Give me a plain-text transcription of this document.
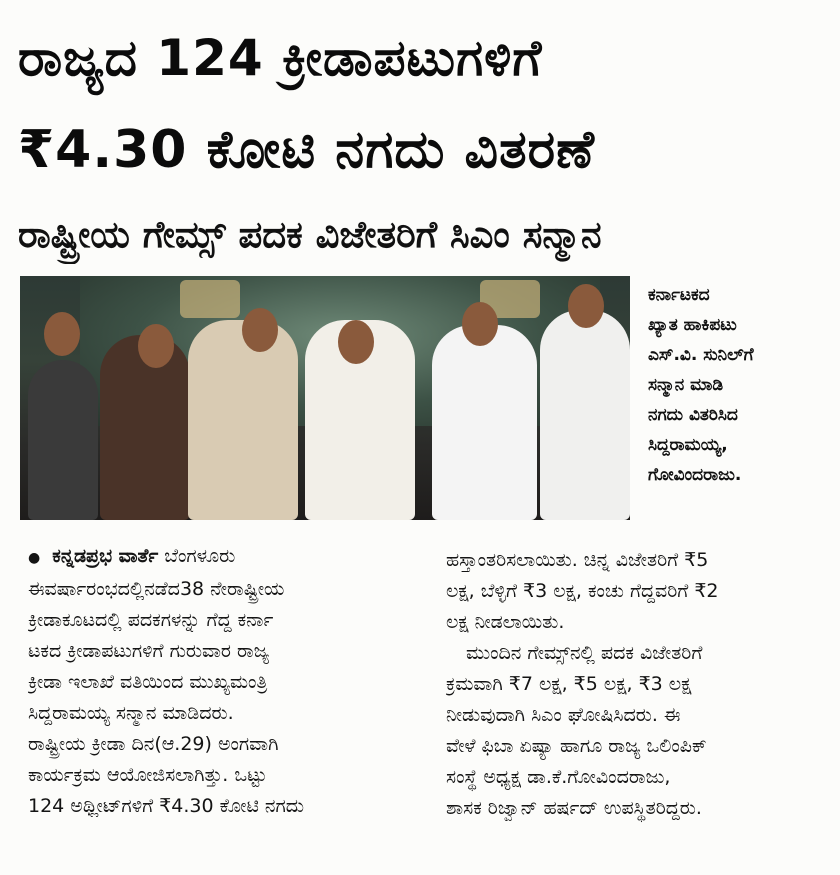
ರಾಜ್ಯದ 124 ಕ್ರೀಡಾಪಟುಗಳಿಗೆ
₹4.30 ಕೋಟಿ ನಗದು ವಿತರಣೆ
ರಾಷ್ಟ್ರೀಯ ಗೇಮ್ಸ್ ಪದಕ ವಿಜೇತರಿಗೆ ಸಿಎಂ ಸನ್ಮಾನ
ಕರ್ನಾಟಕದ
ಖ್ಯಾತ ಹಾಕಿಪಟು
ಎಸ್.ವಿ. ಸುನಿಲ್‌ಗೆ
ಸನ್ಮಾನ ಮಾಡಿ
ನಗದು ವಿತರಿಸಿದ
ಸಿದ್ದರಾಮಯ್ಯ,
ಗೋವಿಂದರಾಜು.
● ಕನ್ನಡಪ್ರಭ ವಾರ್ತೆ ಬೆಂಗಳೂರು
ಈವರ್ಷಾರಂಭದಲ್ಲಿನಡೆದ38 ನೇರಾಷ್ಟ್ರೀಯ
ಕ್ರೀಡಾಕೂಟದಲ್ಲಿ ಪದಕಗಳನ್ನು ಗೆದ್ದ ಕರ್ನಾ
ಟಕದ ಕ್ರೀಡಾಪಟುಗಳಿಗೆ ಗುರುವಾರ ರಾಜ್ಯ
ಕ್ರೀಡಾ ಇಲಾಖೆ ವತಿಯಿಂದ ಮುಖ್ಯಮಂತ್ರಿ
ಸಿದ್ದರಾಮಯ್ಯ ಸನ್ಮಾನ ಮಾಡಿದರು.
ರಾಷ್ಟ್ರೀಯ ಕ್ರೀಡಾ ದಿನ(ಆ.29) ಅಂಗವಾಗಿ
ಕಾರ್ಯಕ್ರಮ ಆಯೋಜಿಸಲಾಗಿತ್ತು. ಒಟ್ಟು
124 ಅಥ್ಲೀಟ್‌ಗಳಿಗೆ ₹4.30 ಕೋಟಿ ನಗದು
ಹಸ್ತಾಂತರಿಸಲಾಯಿತು. ಚಿನ್ನ ವಿಜೇತರಿಗೆ ₹5
ಲಕ್ಷ, ಬೆಳ್ಳಿಗೆ ₹3 ಲಕ್ಷ, ಕಂಚು ಗೆದ್ದವರಿಗೆ ₹2
ಲಕ್ಷ ನೀಡಲಾಯಿತು.
ಮುಂದಿನ ಗೇಮ್ಸ್‌ನಲ್ಲಿ ಪದಕ ವಿಜೇತರಿಗೆ
ಕ್ರಮವಾಗಿ ₹7 ಲಕ್ಷ, ₹5 ಲಕ್ಷ, ₹3 ಲಕ್ಷ
ನೀಡುವುದಾಗಿ ಸಿಎಂ ಘೋಷಿಸಿದರು. ಈ
ವೇಳೆ ಫಿಬಾ ಏಷ್ಯಾ ಹಾಗೂ ರಾಜ್ಯ ಒಲಿಂಪಿಕ್
ಸಂಸ್ಥೆ ಅಧ್ಯಕ್ಷ ಡಾ.ಕೆ.ಗೋವಿಂದರಾಜು,
ಶಾಸಕ ರಿಜ್ವಾನ್ ಹರ್ಷದ್ ಉಪಸ್ಥಿತರಿದ್ದರು.
